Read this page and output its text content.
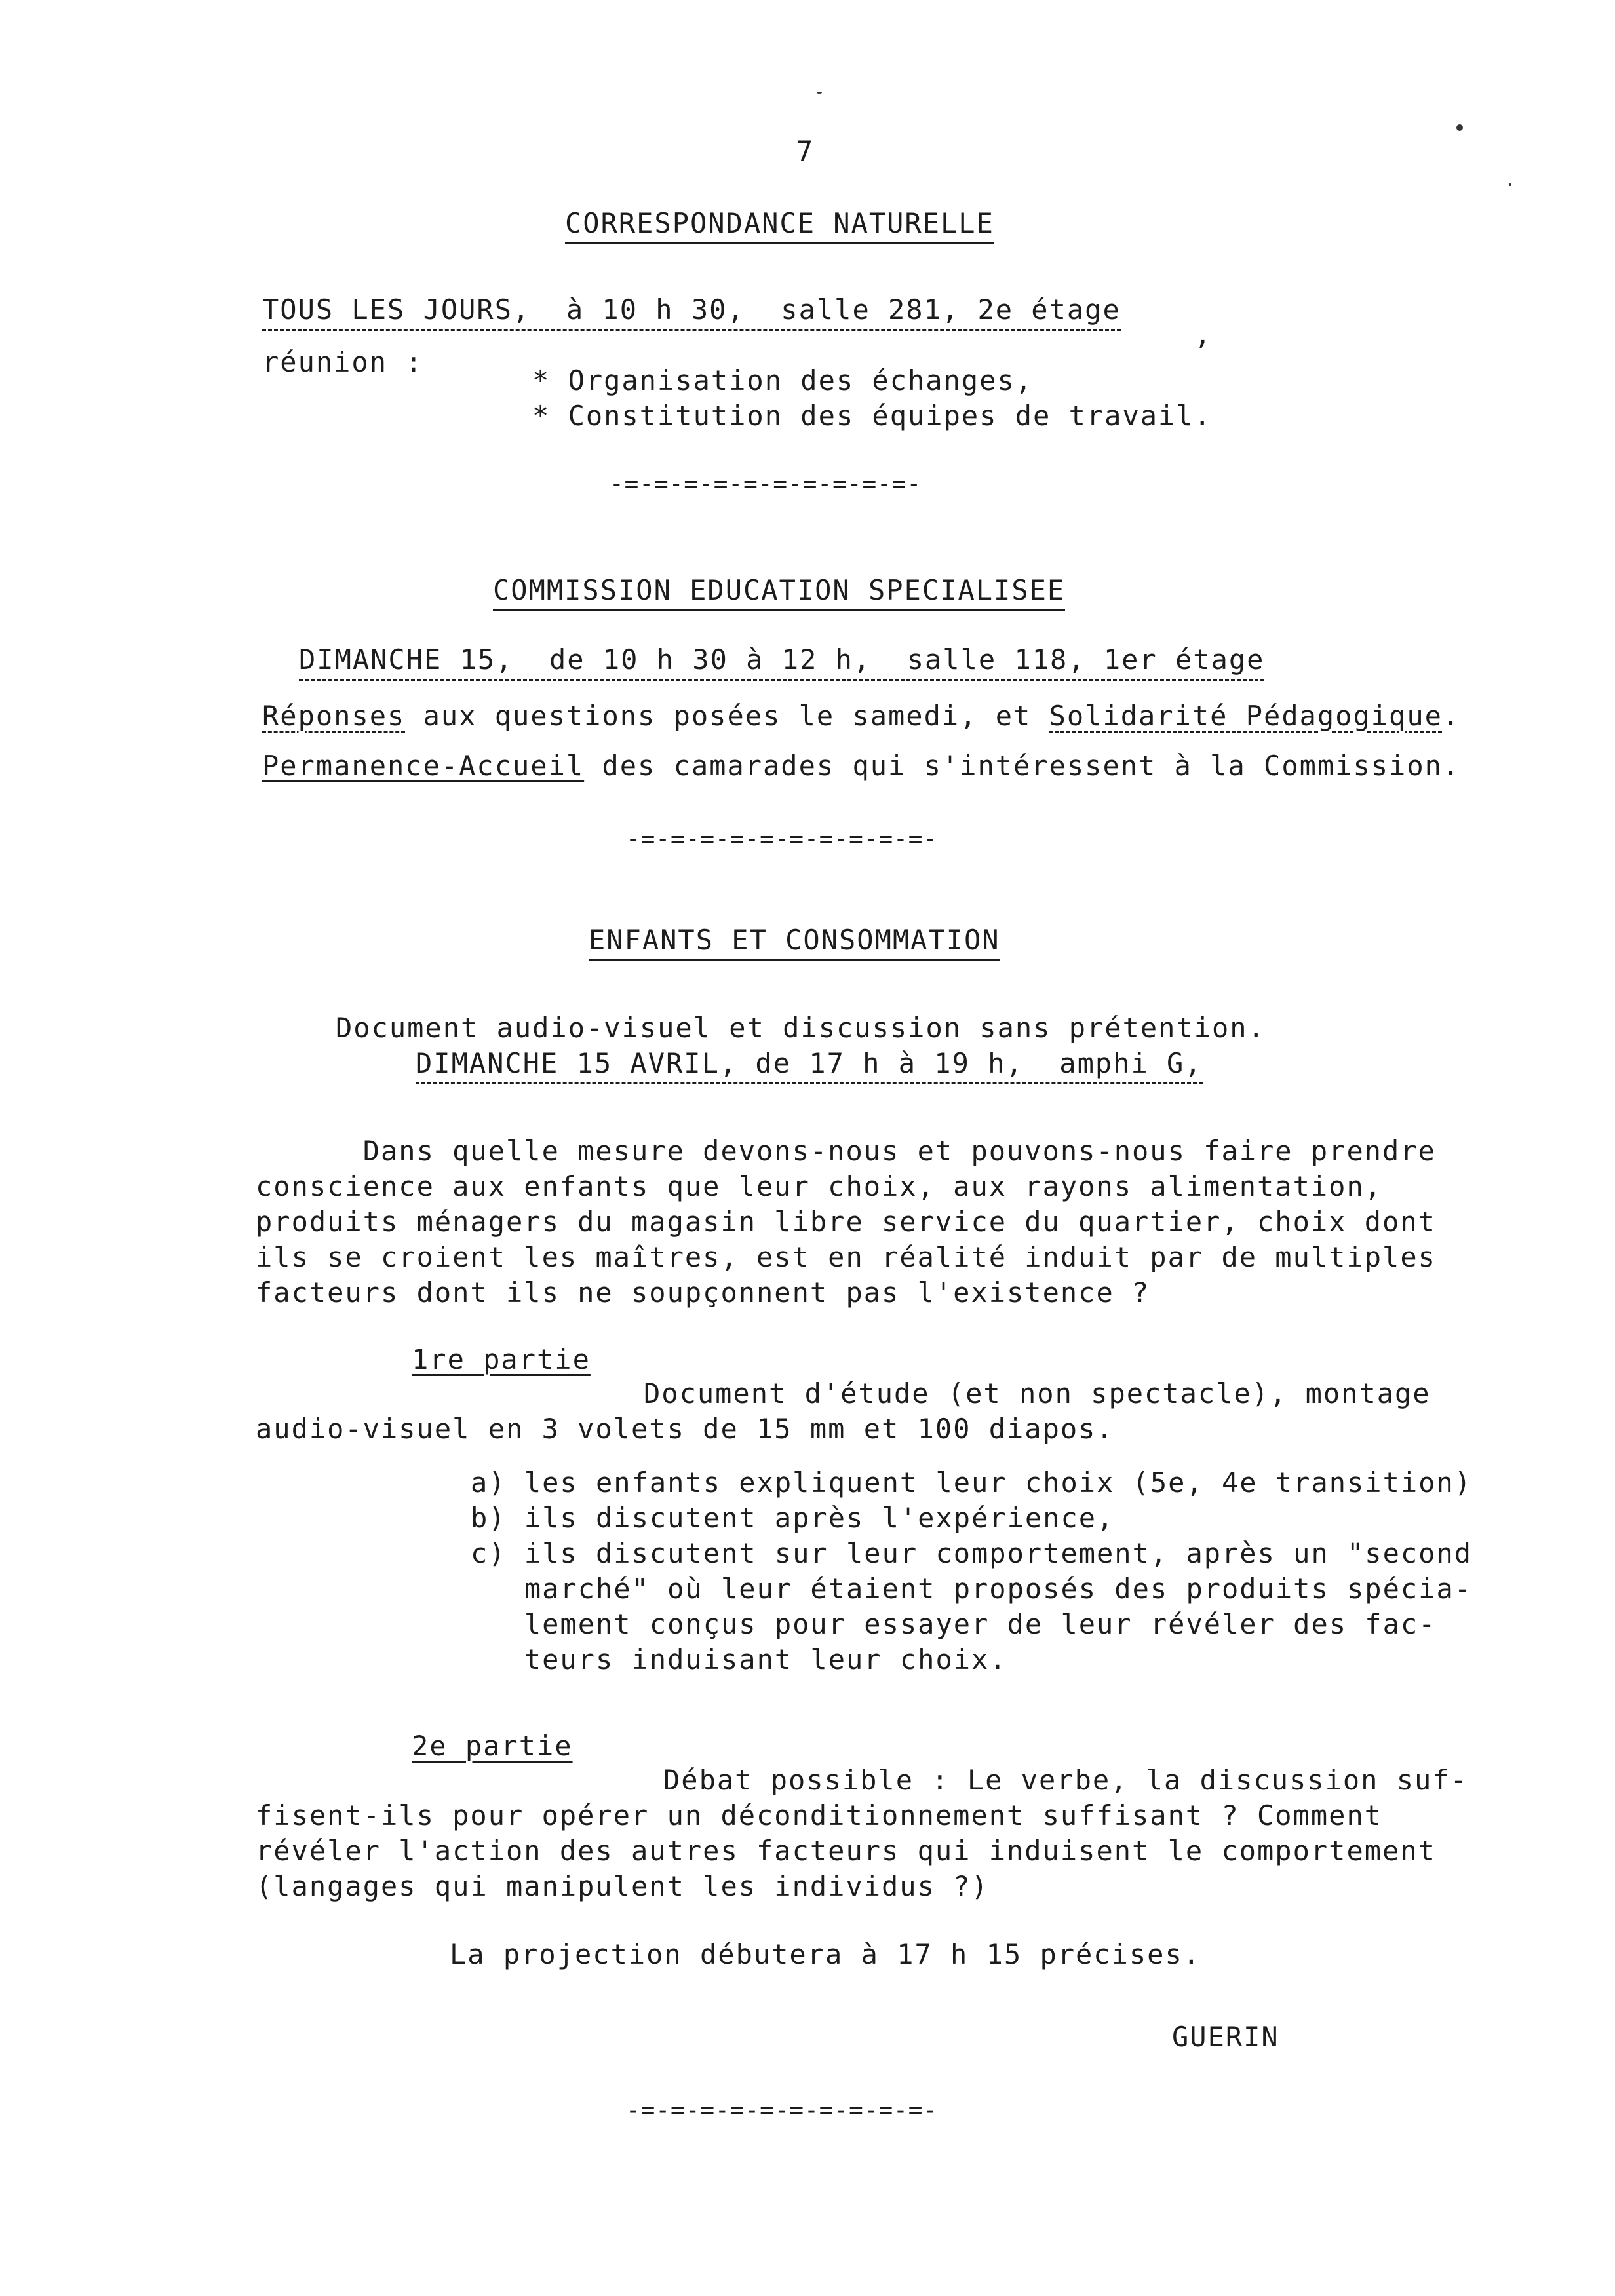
7
CORRESPONDANCE NATURELLE
TOUS LES JOURS,  à 10 h 30,  salle 281, 2e étage
,
réunion :
* Organisation des échanges,
* Constitution des équipes de travail.
-=-=-=-=-=-=-=-=-=-=-
COMMISSION EDUCATION SPECIALISEE
DIMANCHE 15,  de 10 h 30 à 12 h,  salle 118, 1er étage
Réponses aux questions posées le samedi, et Solidarité Pédagogique.
Permanence-Accueil des camarades qui s'intéressent à la Commission.
-=-=-=-=-=-=-=-=-=-=-
ENFANTS ET CONSOMMATION
Document audio-visuel et discussion sans prétention.
DIMANCHE 15 AVRIL, de 17 h à 19 h,  amphi G,
Dans quelle mesure devons-nous et pouvons-nous faire prendre
conscience aux enfants que leur choix, aux rayons alimentation,
produits ménagers du magasin libre service du quartier, choix dont
ils se croient les maîtres, est en réalité induit par de multiples
facteurs dont ils ne soupçonnent pas l'existence ?
1re partie
Document d'étude (et non spectacle), montage
audio-visuel en 3 volets de 15 mm et 100 diapos.
a) les enfants expliquent leur choix (5e, 4e transition)
b) ils discutent après l'expérience,
c) ils discutent sur leur comportement, après un "second
marché" où leur étaient proposés des produits spécia-
lement conçus pour essayer de leur révéler des fac-
teurs induisant leur choix.
2e partie
Débat possible : Le verbe, la discussion suf-
fisent-ils pour opérer un déconditionnement suffisant ? Comment
révéler l'action des autres facteurs qui induisent le comportement
(langages qui manipulent les individus ?)
La projection débutera à 17 h 15 précises.
GUERIN
-=-=-=-=-=-=-=-=-=-=-
